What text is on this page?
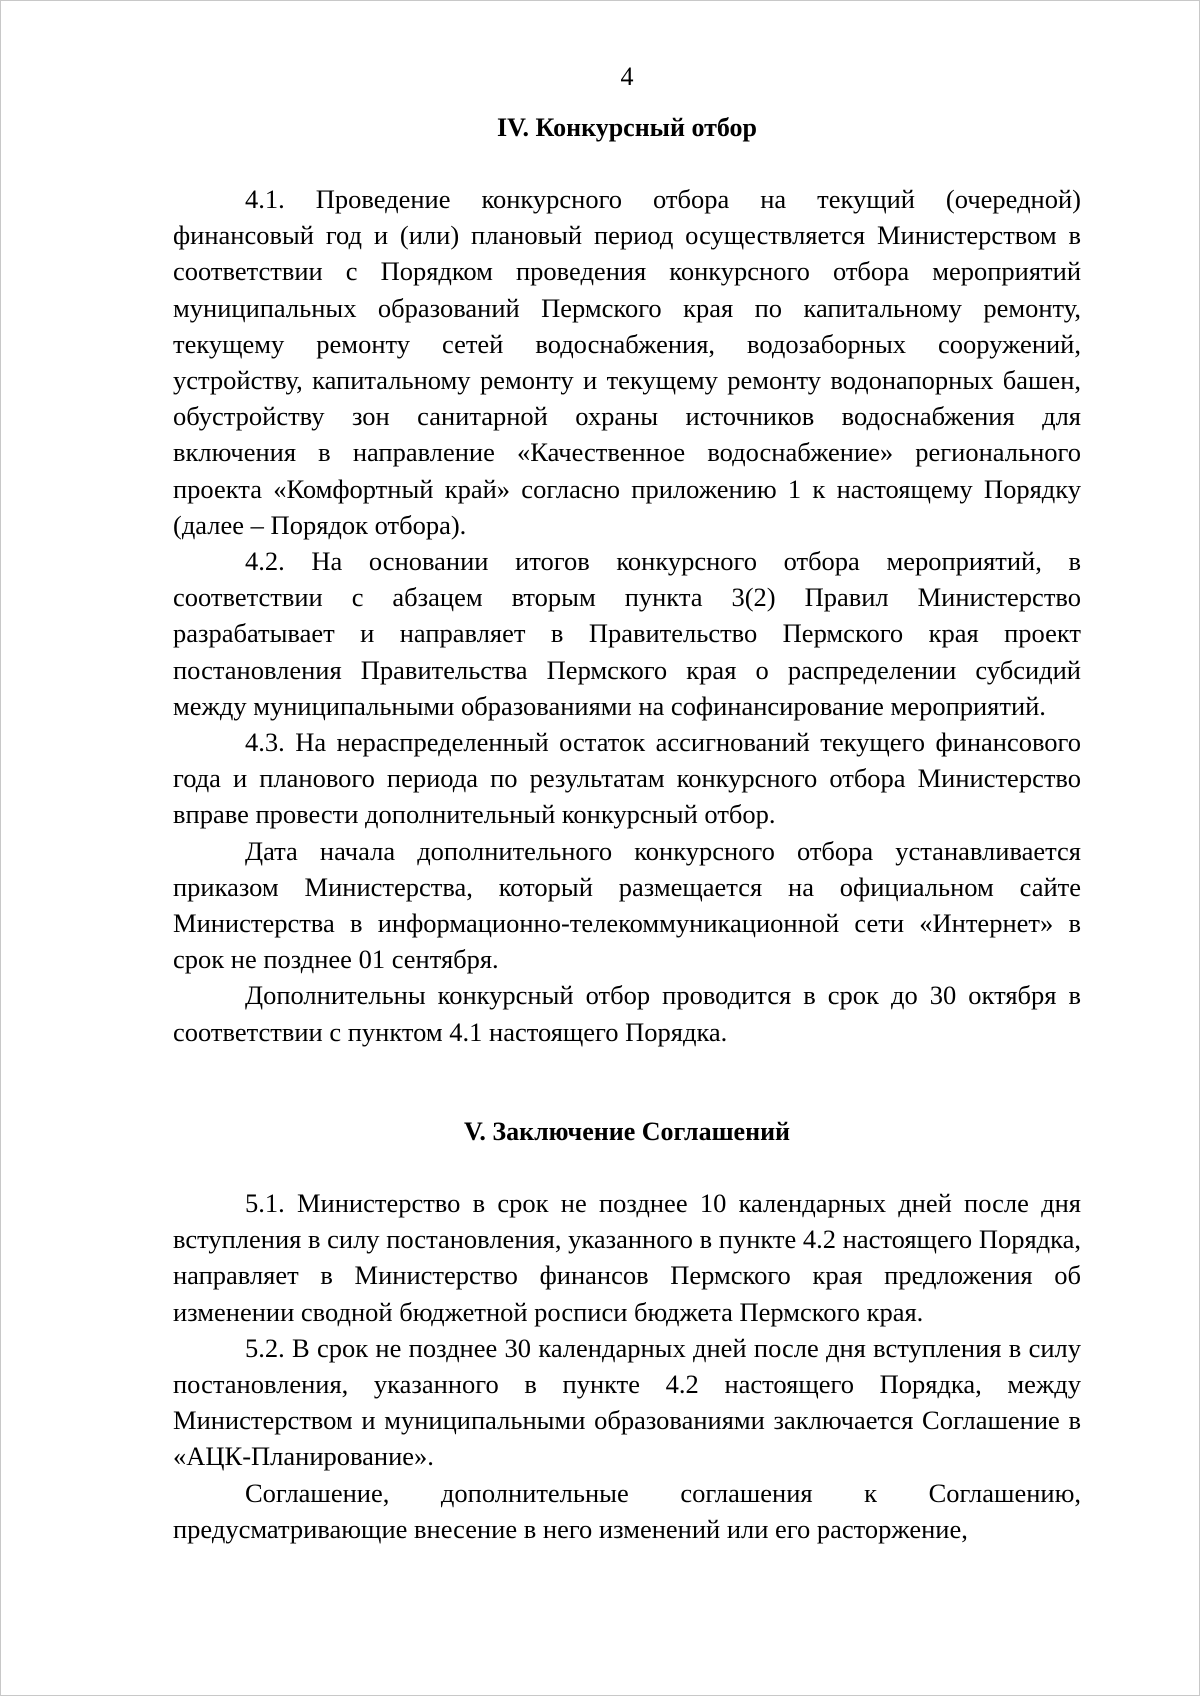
4
IV. Конкурсный отбор

4.1. Проведение конкурсного отбора на текущий (очередной) финансовый год и (или) плановый период осуществляется Министерством в соответствии с Порядком проведения конкурсного отбора мероприятий муниципальных образований Пермского края по капитальному ремонту, текущему ремонту сетей водоснабжения, водозаборных сооружений, устройству, капитальному ремонту и текущему ремонту водонапорных башен, обустройству зон санитарной охраны источников водоснабжения для включения в направление «Качественное водоснабжение» регионального проекта «Комфортный край» согласно приложению 1 к настоящему Порядку (далее – Порядок отбора).

4.2. На основании итогов конкурсного отбора мероприятий, в соответствии с абзацем вторым пункта 3(2) Правил Министерство разрабатывает и направляет в Правительство Пермского края проект постановления Правительства Пермского края о распределении субсидий между муниципальными образованиями на софинансирование мероприятий.

4.3. На нераспределенный остаток ассигнований текущего финансового года и планового периода по результатам конкурсного отбора Министерство вправе провести дополнительный конкурсный отбор.

Дата начала дополнительного конкурсного отбора устанавливается приказом Министерства, который размещается на официальном сайте Министерства в информационно-телекоммуникационной сети «Интернет» в срок не позднее 01 сентября.

Дополнительны конкурсный отбор проводится в срок до 30 октября в соответствии с пунктом 4.1 настоящего Порядка.

V. Заключение Соглашений

5.1. Министерство в срок не позднее 10 календарных дней после дня вступления в силу постановления, указанного в пункте 4.2 настоящего Порядка, направляет в Министерство финансов Пермского края предложения об изменении сводной бюджетной росписи бюджета Пермского края.

5.2. В срок не позднее 30 календарных дней после дня вступления в силу постановления, указанного в пункте 4.2 настоящего Порядка, между Министерством и муниципальными образованиями заключается Соглашение в «АЦК-Планирование».

Соглашение, дополнительные соглашения к Соглашению, предусматривающие внесение в него изменений или его расторжение,
